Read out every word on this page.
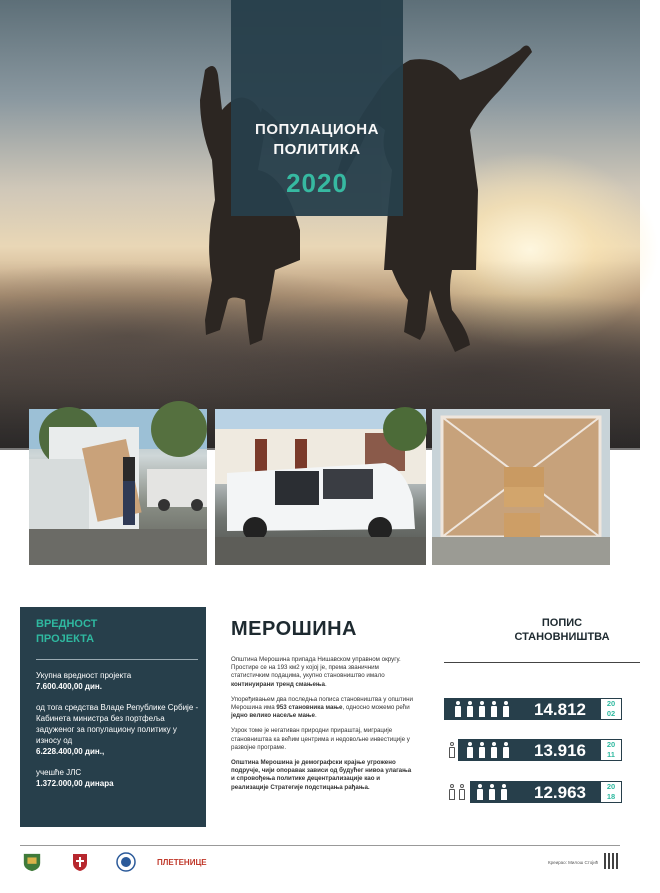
ПОПУЛАЦИОНА
ПОЛИТИКА
2020
ВРЕДНОСТ
ПРОЈЕКТА

Укупна вредност пројекта
7.600.400,00 дин.

од тога средства Владе Републике Србије - Кабинета министра без портфеља задуженог за популациону политику у износу од
6.228.400,00 дин.,

учешће ЈЛС
1.372.000,00 динара

МЕРОШИНА

Општина Мерошина припада Нишавском управном округу. Простире се на 193 км2 у којој је, према званичним статистичким подацима, укупно становништво имало континуирани тренд смањења.

Упоређивањем два последња пописа становништва у општини Мерошина има 953 становника мање, односно можемо рећи једно велико насеље мање.

Узрок томе је негативан природни прираштај, миграције становништва ка већим центрима и недовољне инвестиције у развојне програме.

Општина Мерошина је демографски крајње угрожено подручје, чији опоравак зависи од будућег нивоа улагања и спровођења политике децентрализације као и реализације Стратегије подстицања рађања.

ПОПИС
СТАНОВНИШТВА
14.812	20
02
13.916	20
11
12.963	20
18
ПЛЕТЕНИЦЕ	Креирао: Милош Стојић
